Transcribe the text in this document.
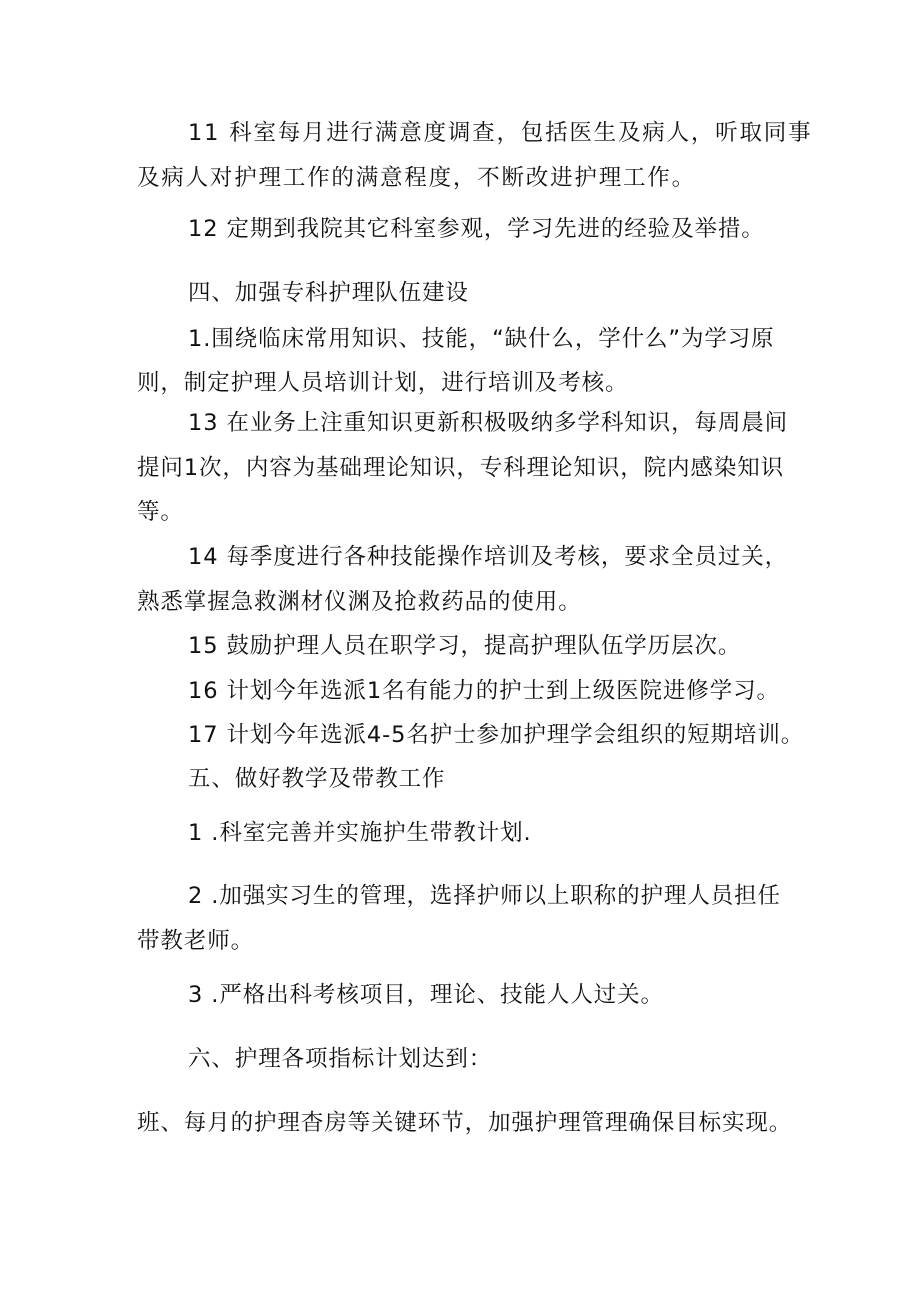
11 科室每月进行满意度调查，包括医生及病人，听取同事
及病人对护理工作的满意程度，不断改进护理工作。
12 定期到我院其它科室参观，学习先进的经验及举措。
四、加强专科护理队伍建设
1.围绕临床常用知识、技能，“缺什么，学什么”为学习原
则，制定护理人员培训计划，进行培训及考核。
13 在业务上注重知识更新积极吸纳多学科知识，每周晨间
提问1次，内容为基础理论知识，专科理论知识，院内感染知识
等。
14 每季度进行各种技能操作培训及考核，要求全员过关，
熟悉掌握急救渊材仪渊及抢救药品的使用。
15 鼓励护理人员在职学习，提高护理队伍学历层次。
16 计划今年选派1名有能力的护士到上级医院进修学习。
17 计划今年选派4-5名护士参加护理学会组织的短期培训。
五、做好教学及带教工作
1 .科室完善并实施护生带教计划.
2 .加强实习生的管理，选择护师以上职称的护理人员担任
带教老师。
3 .严格出科考核项目，理论、技能人人过关。
六、护理各项指标计划达到：
班、每月的护理杳房等关键环节，加强护理管理确保目标实现。
